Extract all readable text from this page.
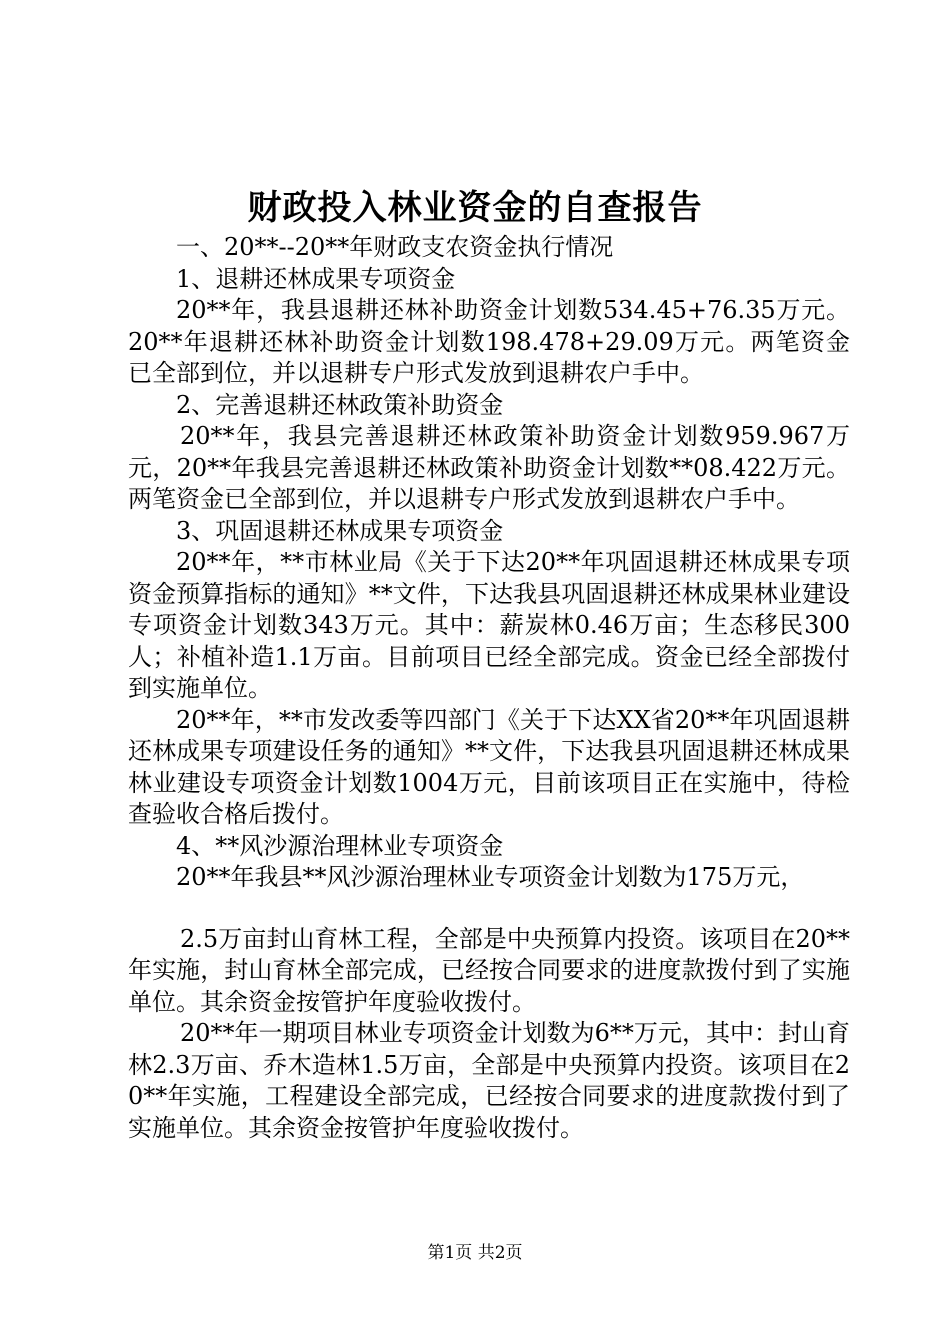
财政投入林业资金的自查报告

一、20**--20**年财政支农资金执行情况

1、退耕还林成果专项资金

20**年，我县退耕还林补助资金计划数534.45+76.35万元。20**年退耕还林补助资金计划数198.478+29.09万元。两笔资金已全部到位，并以退耕专户形式发放到退耕农户手中。

2、完善退耕还林政策补助资金

20**年，我县完善退耕还林政策补助资金计划数959.967万元，20**年我县完善退耕还林政策补助资金计划数**08.422万元。两笔资金已全部到位，并以退耕专户形式发放到退耕农户手中。

3、巩固退耕还林成果专项资金

20**年，**市林业局《关于下达20**年巩固退耕还林成果专项资金预算指标的通知》**文件，下达我县巩固退耕还林成果林业建设专项资金计划数343万元。其中：薪炭林0.46万亩；生态移民300人；补植补造1.1万亩。目前项目已经全部完成。资金已经全部拨付到实施单位。

20**年，**市发改委等四部门《关于下达XX省20**年巩固退耕还林成果专项建设任务的通知》**文件，下达我县巩固退耕还林成果林业建设专项资金计划数1004万元，目前该项目正在实施中，待检查验收合格后拨付。

4、**风沙源治理林业专项资金

20**年我县**风沙源治理林业专项资金计划数为175万元，

2.5万亩封山育林工程，全部是中央预算内投资。该项目在20**年实施，封山育林全部完成，已经按合同要求的进度款拨付到了实施单位。其余资金按管护年度验收拨付。

20**年一期项目林业专项资金计划数为6**万元，其中：封山育林2.3万亩、乔木造林1.5万亩，全部是中央预算内投资。该项目在20**年实施，工程建设全部完成，已经按合同要求的进度款拨付到了实施单位。其余资金按管护年度验收拨付。

第1页 共2页
